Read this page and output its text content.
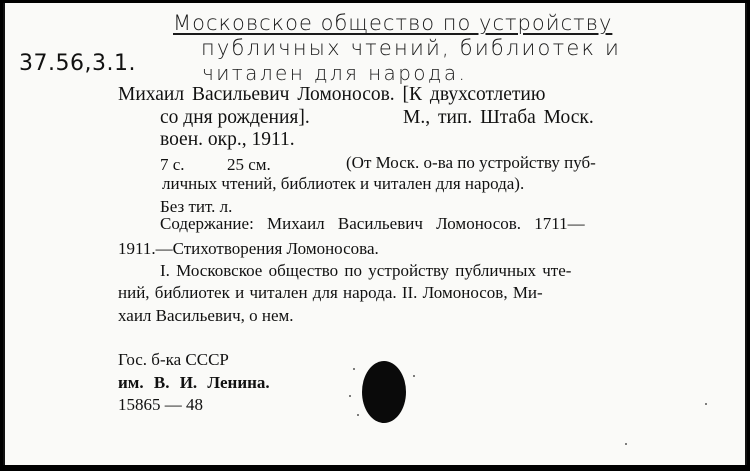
Московское общество по устройству
публичных чтений, библиотек и
читален для народа.
37.56,3.1.
Михаил Васильевич Ломоносов. [К двухсотлетию
со дня рождения].	М., тип. Штаба Моск.
воен. окр., 1911.
7 с. 25 см.	(От Моск. о-ва по устройству пуб-
личных чтений, библиотек и читален для народа).
Без тит. л.
Содержание: Михаил Васильевич Ломоносов. 1711—
1911.—Стихотворения Ломоносова.
I. Московское общество по устройству публичных чте-
ний, библиотек и читален для народа. II. Ломоносов, Ми-
хаил Васильевич, о нем.
Гос. б-ка СССР
им. В. И. Ленина.
15865 — 48
